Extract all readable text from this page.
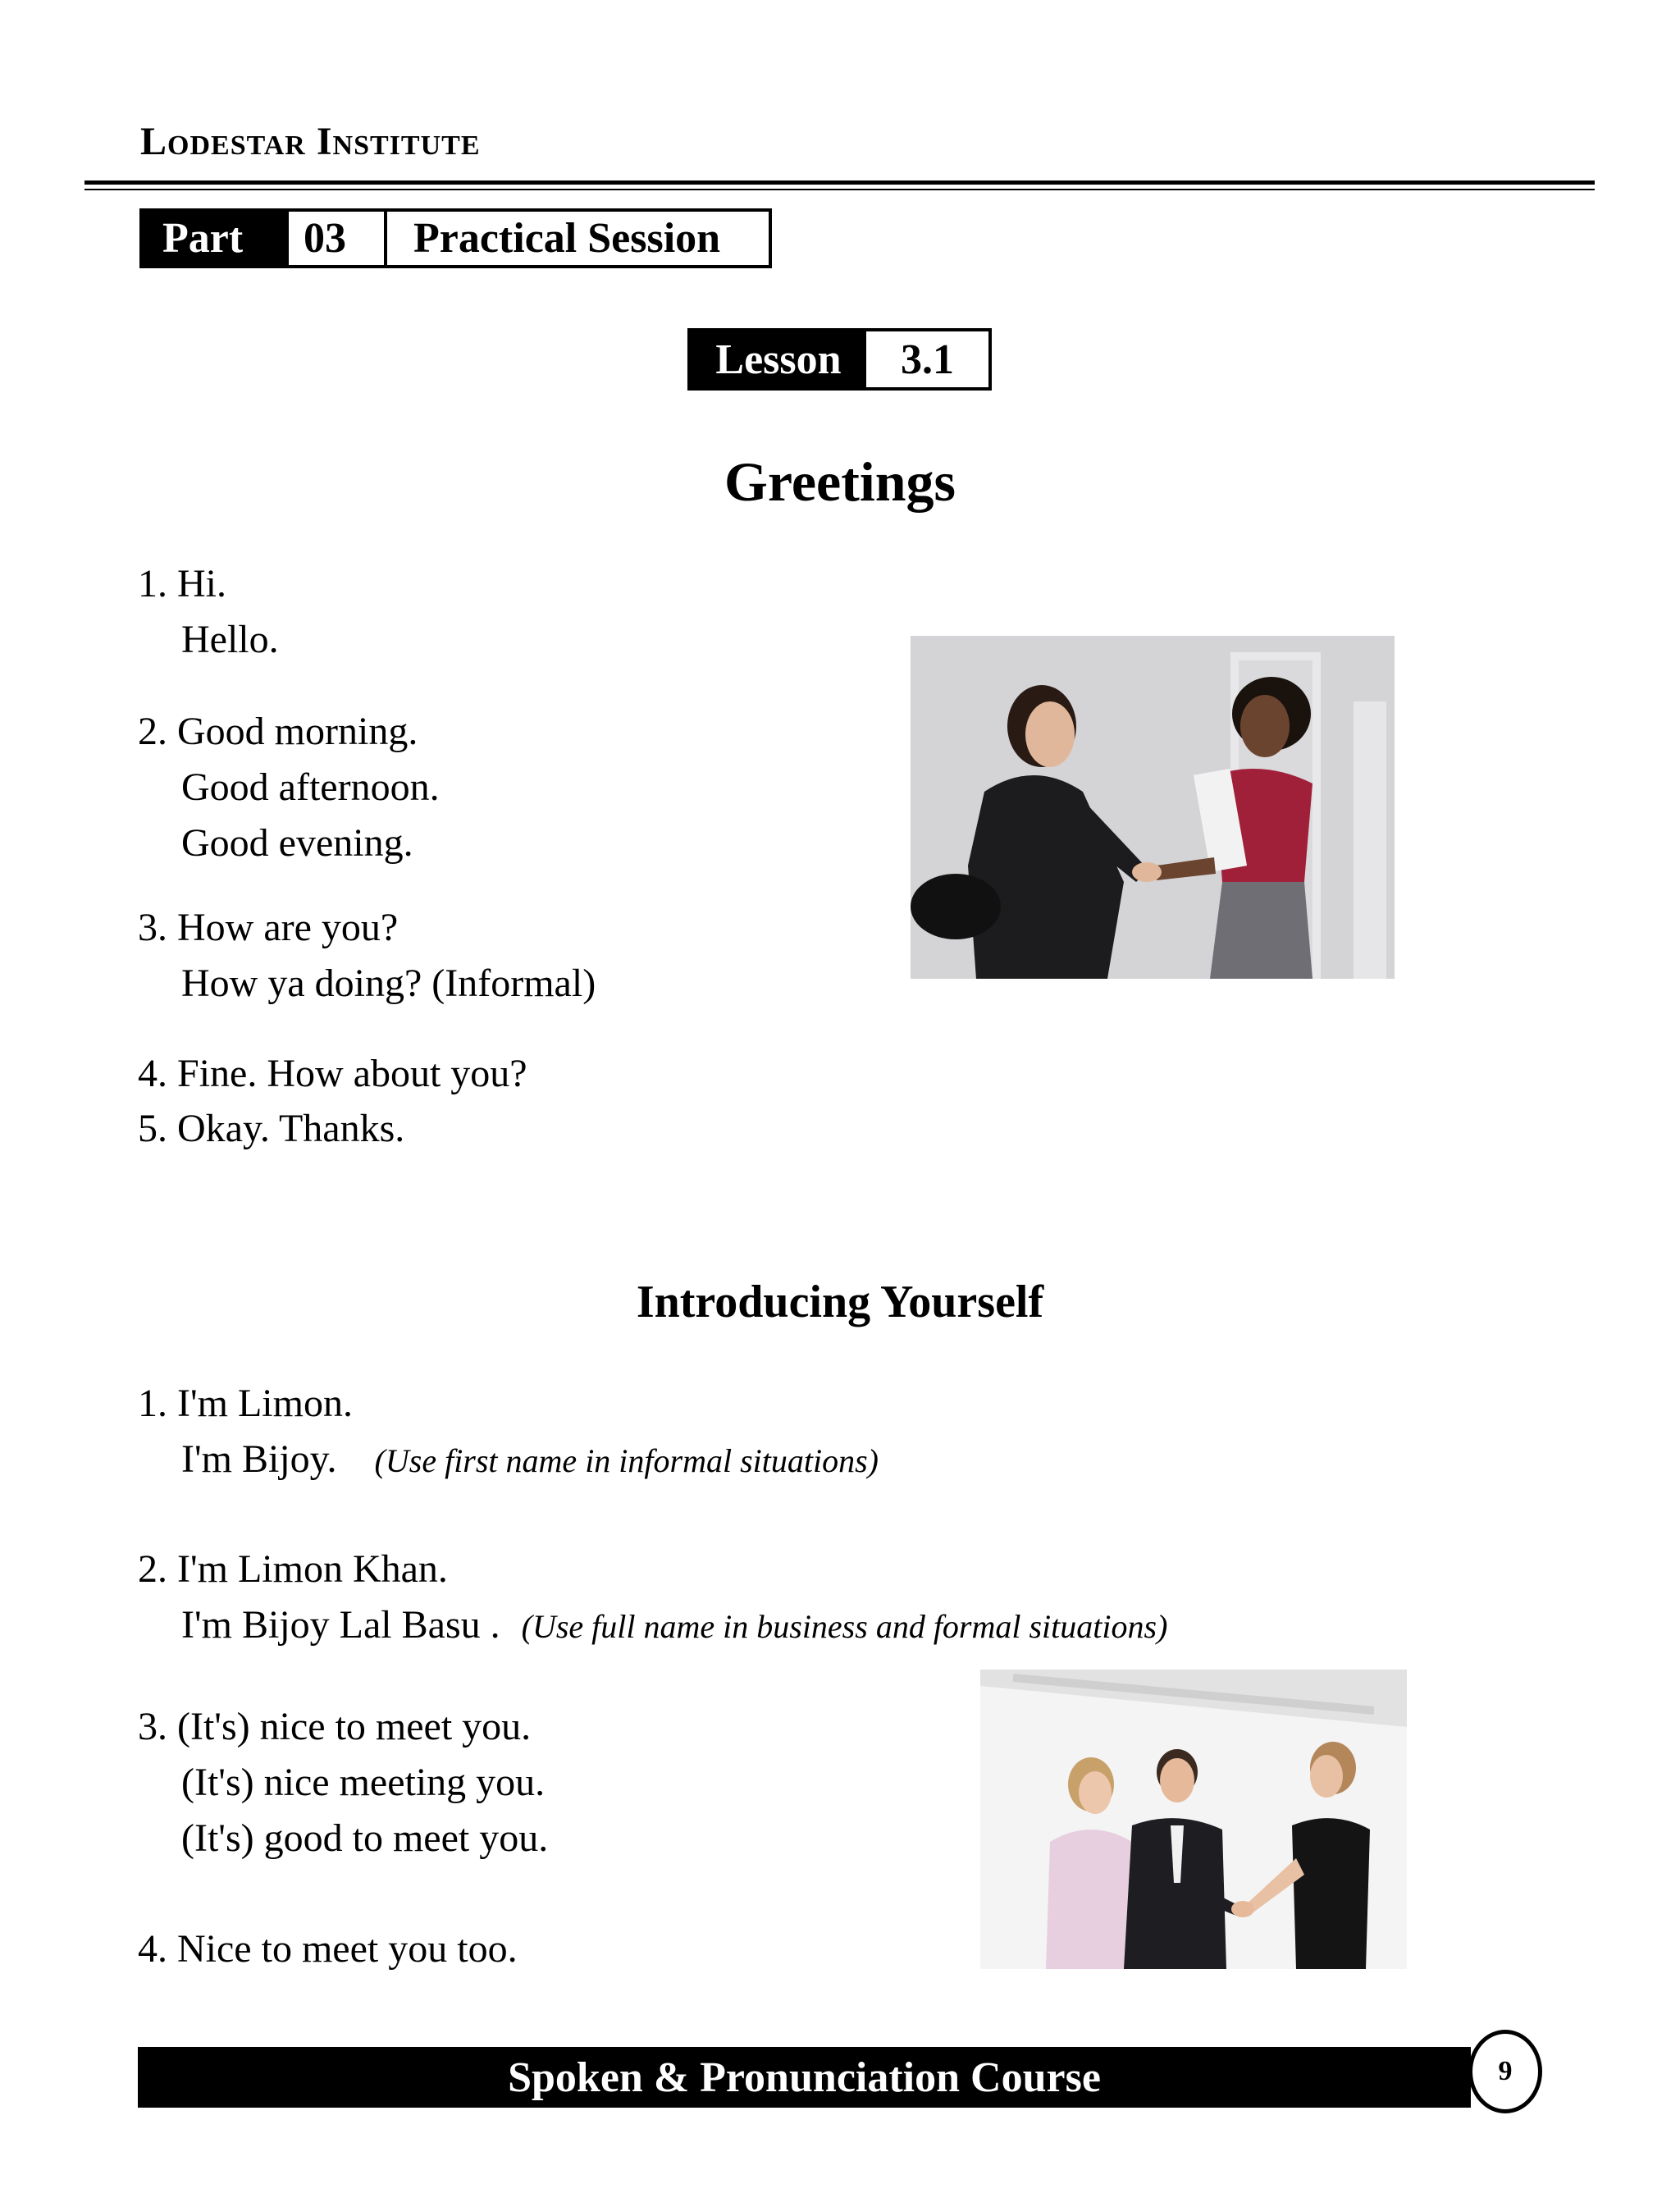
Lodestar Institute
Part	03	Practical Session
Lesson	3.1
Greetings
1. Hi.
Hello.
2. Good morning.
Good afternoon.
Good evening.
3. How are you?
How ya doing? (Informal)
4. Fine. How about you?
5. Okay. Thanks.
Introducing Yourself
1. I'm Limon.
I'm Bijoy. (Use first name in informal situations)
2. I'm Limon Khan.
I'm Bijoy Lal Basu . (Use full name in business and formal situations)
3. (It's) nice to meet you.
(It's) nice meeting you.
(It's) good to meet you.
4. Nice to meet you too.
Spoken & Pronunciation Course	9
